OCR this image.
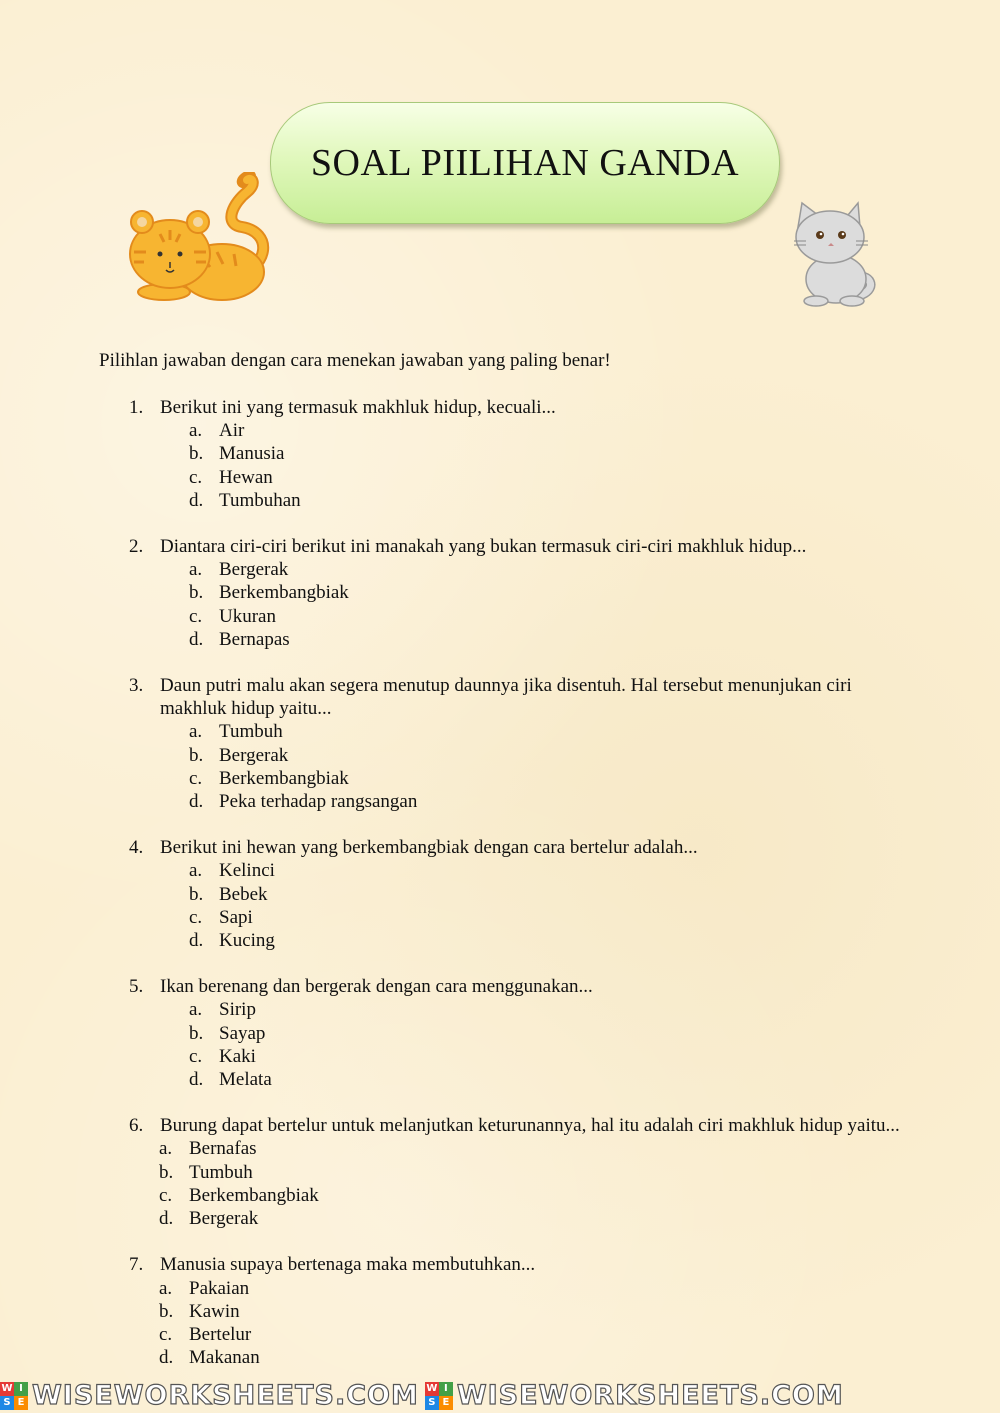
SOAL PIILIHAN GANDA
Pilihlan jawaban dengan cara menekan jawaban yang paling benar!
1. Berikut ini yang termasuk makhluk hidup, kecuali...
a. Air
b. Manusia
c. Hewan
d. Tumbuhan
2. Diantara ciri-ciri berikut ini manakah yang bukan termasuk ciri-ciri makhluk hidup...
a. Bergerak
b. Berkembangbiak
c. Ukuran
d. Bernapas
3. Daun putri malu akan segera menutup daunnya jika disentuh. Hal tersebut menunjukan ciri makhluk hidup yaitu...
a. Tumbuh
b. Bergerak
c. Berkembangbiak
d. Peka terhadap rangsangan
4. Berikut ini hewan yang berkembangbiak dengan cara bertelur adalah...
a. Kelinci
b. Bebek
c. Sapi
d. Kucing
5. Ikan berenang dan bergerak dengan cara menggunakan...
a. Sirip
b. Sayap
c. Kaki
d. Melata
6. Burung dapat bertelur untuk melanjutkan keturunannya, hal itu adalah ciri makhluk hidup yaitu...
a. Bernafas
b. Tumbuh
c. Berkembangbiak
d. Bergerak
7. Manusia supaya bertenaga maka membutuhkan...
a. Pakaian
b. Kawin
c. Bertelur
d. Makanan
W I
S E WISEWORKSHEETS.COM W I
S E WISEWORKSHEETS.COM
